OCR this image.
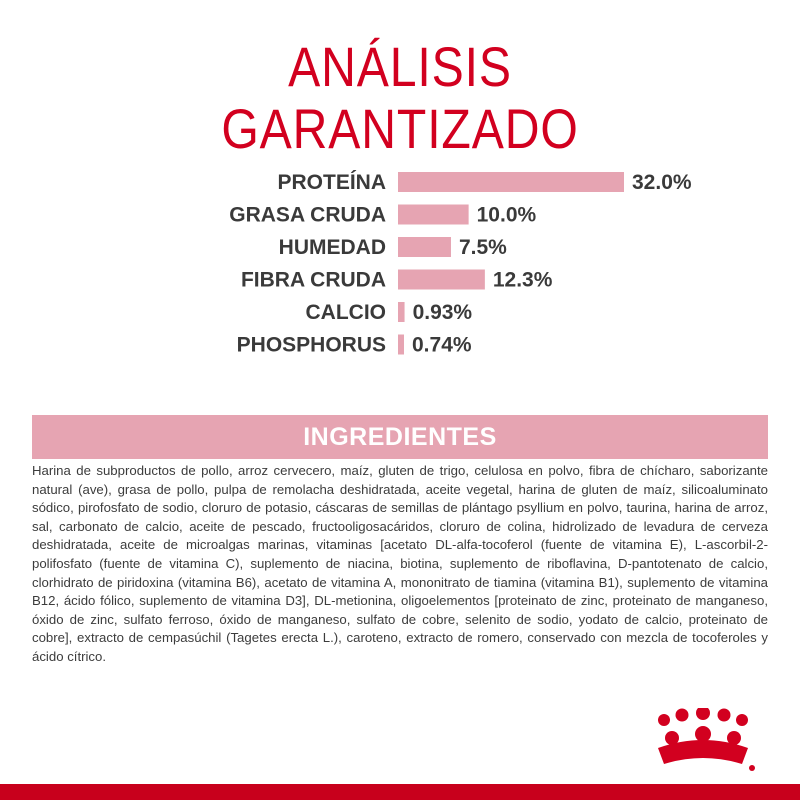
ANÁLISIS
GARANTIZADO
PROTEÍNA	32.0%
GRASA CRUDA	10.0%
HUMEDAD	7.5%
FIBRA CRUDA	12.3%
CALCIO 0.93%
PHOSPHORUS 0.74%
INGREDIENTES
Harina de subproductos de pollo, arroz cervecero, maíz, gluten de trigo, celulosa en polvo, fibra de chícharo, saborizante natural (ave), grasa de pollo, pulpa de remolacha deshidratada, aceite vegetal, harina de gluten de maíz, silicoaluminato sódico, pirofosfato de sodio, cloruro de potasio, cáscaras de semillas de plántago psyllium en polvo, taurina, harina de arroz, sal, carbonato de calcio, aceite de pescado, fructooligosacáridos, cloruro de colina, hidrolizado de levadura de cerveza deshidratada, aceite de microalgas marinas, vitaminas [acetato DL-alfa-tocoferol (fuente de vitamina E), L-ascorbil-2-polifosfato (fuente de vitamina C), suplemento de niacina, biotina, suplemento de riboflavina, D-pantotenato de calcio, clorhidrato de piridoxina (vitamina B6), acetato de vitamina A, mononitrato de tiamina (vitamina B1), suplemento de vitamina B12, ácido fólico, suplemento de vitamina D3], DL-metionina, oligoelementos [proteinato de zinc, proteinato de manganeso, óxido de zinc, sulfato ferroso, óxido de manganeso, sulfato de cobre, selenito de sodio, yodato de calcio, proteinato de cobre], extracto de cempasúchil (Tagetes erecta L.), caroteno, extracto de romero, conservado con mezcla de tocoferoles y ácido cítrico.
